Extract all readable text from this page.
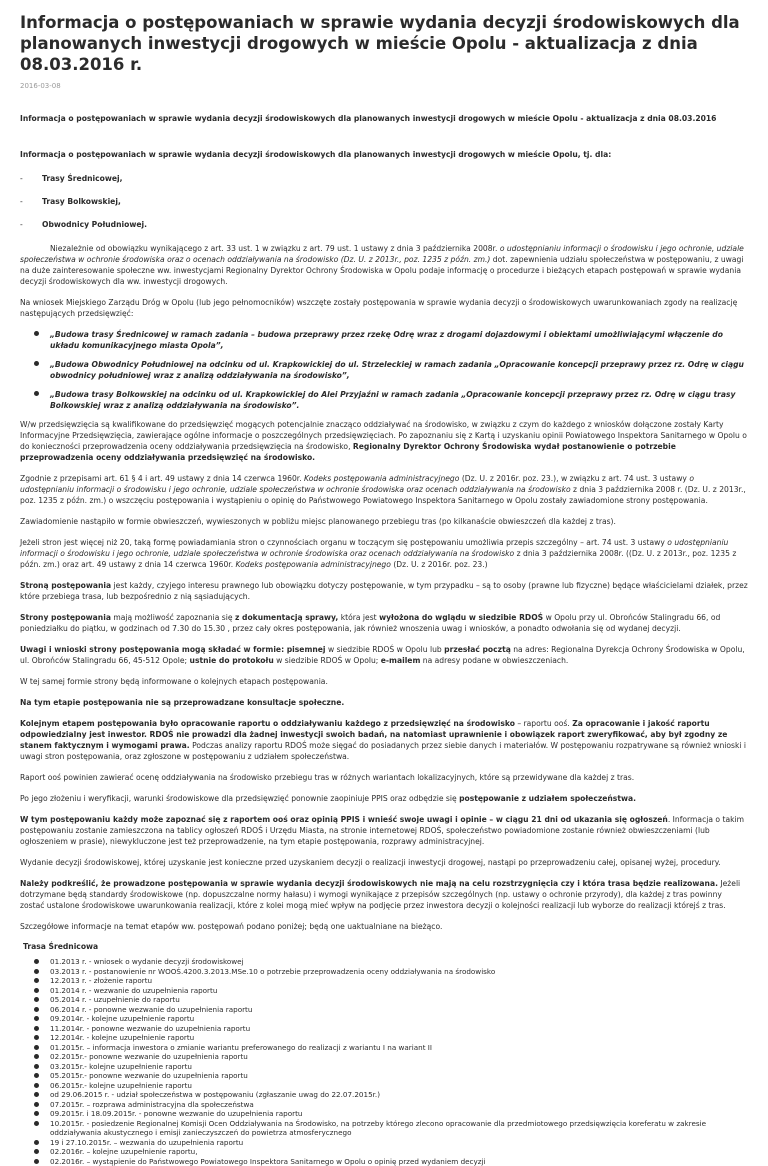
Informacja o postępowaniach w sprawie wydania decyzji środowiskowych dla planowanych inwestycji drogowych w mieście Opolu - aktualizacja z dnia 08.03.2016 r.
2016-03-08

Informacja o postępowaniach w sprawie wydania decyzji środowiskowych dla planowanych inwestycji drogowych w mieście Opolu - aktualizacja z dnia 08.03.2016

Informacja o postępowaniach w sprawie wydania decyzji środowiskowych dla planowanych inwestycji drogowych w mieście Opolu, tj. dla:

-	Trasy Średnicowej,
-	Trasy Bolkowskiej,
-	Obwodnicy Południowej.

Niezależnie od obowiązku wynikającego z art. 33 ust. 1 w związku z art. 79 ust. 1 ustawy z dnia 3 października 2008r. o udostępnianiu informacji o środowisku i jego ochronie, udziale społeczeństwa w ochronie środowiska oraz o ocenach oddziaływania na środowisko (Dz. U. z 2013r., poz. 1235 z późn. zm.) dot. zapewnienia udziału społeczeństwa w postępowaniu, z uwagi na duże zainteresowanie społeczne ww. inwestycjami Regionalny Dyrektor Ochrony Środowiska w Opolu podaje informację o procedurze i bieżących etapach postępowań w sprawie wydania decyzji środowiskowych dla ww. inwestycji drogowych.

Na wniosek Miejskiego Zarządu Dróg w Opolu (lub jego pełnomocników) wszczęte zostały postępowania w sprawie wydania decyzji o środowiskowych uwarunkowaniach zgody na realizację następujących przedsięwzięć:

„Budowa trasy Średnicowej w ramach zadania – budowa przeprawy przez rzekę Odrę wraz z drogami dojazdowymi i obiektami umożliwiającymi włączenie do układu komunikacyjnego miasta Opola”,
„Budowa Obwodnicy Południowej na odcinku od ul. Krapkowickiej do ul. Strzeleckiej w ramach zadania „Opracowanie koncepcji przeprawy przez rz. Odrę w ciągu obwodnicy południowej wraz z analizą oddziaływania na środowisko”,
„Budowa trasy Bolkowskiej na odcinku od ul. Krapkowickiej do Alei Przyjaźni w ramach zadania „Opracowanie koncepcji przeprawy przez rz. Odrę w ciągu trasy Bolkowskiej wraz z analizą oddziaływania na środowisko”.

W/w przedsięwzięcia są kwalifikowane do przedsięwzięć mogących potencjalnie znacząco oddziaływać na środowisko, w związku z czym do każdego z wniosków dołączone zostały Karty Informacyjne Przedsięwzięcia, zawierające ogólne informacje o poszczególnych przedsięwzięciach. Po zapoznaniu się z Kartą i uzyskaniu opinii Powiatowego Inspektora Sanitarnego w Opolu o do konieczności przeprowadzenia oceny oddziaływania przedsięwzięcia na środowisko, Regionalny Dyrektor Ochrony Środowiska wydał postanowienie o potrzebie przeprowadzenia oceny oddziaływania przedsięwzięć na środowisko.

Zgodnie z przepisami art. 61 § 4 i art. 49 ustawy z dnia 14 czerwca 1960r. Kodeks postępowania administracyjnego (Dz. U. z 2016r. poz. 23.), w związku z art. 74 ust. 3 ustawy o udostępnianiu informacji o środowisku i jego ochronie, udziale społeczeństwa w ochronie środowiska oraz ocenach oddziaływania na środowisko z dnia 3 października 2008 r. (Dz. U. z 2013r., poz. 1235 z późn. zm.) o wszczęciu postępowania i wystąpieniu o opinię do Państwowego Powiatowego Inspektora Sanitarnego w Opolu zostały zawiadomione strony postępowania.

Zawiadomienie nastąpiło w formie obwieszczeń, wywieszonych w pobliżu miejsc planowanego przebiegu tras (po kilkanaście obwieszczeń dla każdej z tras).

Jeżeli stron jest więcej niż 20, taką formę powiadamiania stron o czynnościach organu w toczącym się postępowaniu umożliwia przepis szczególny – art. 74 ust. 3 ustawy o udostępnianiu informacji o środowisku i jego ochronie, udziale społeczeństwa w ochronie środowiska oraz ocenach oddziaływania na środowisko z dnia 3 października 2008r. ((Dz. U. z 2013r., poz. 1235 z późn. zm.) oraz art. 49 ustawy z dnia 14 czerwca 1960r. Kodeks postępowania administracyjnego (Dz. U. z 2016r. poz. 23.)

Stroną postępowania jest każdy, czyjego interesu prawnego lub obowiązku dotyczy postępowanie, w tym przypadku – są to osoby (prawne lub fizyczne) będące właścicielami działek, przez które przebiega trasa, lub bezpośrednio z nią sąsiadujących.

Strony postępowania mają możliwość zapoznania się z dokumentacją sprawy, która jest wyłożona do wglądu w siedzibie RDOŚ w Opolu przy ul. Obrońców Stalingradu 66, od poniedziałku do piątku, w godzinach od 7.30 do 15.30 , przez cały okres postępowania, jak również wnoszenia uwag i wniosków, a ponadto odwołania się od wydanej decyzji.

Uwagi i wnioski strony postępowania mogą składać w formie: pisemnej w siedzibie RDOŚ w Opolu lub przesłać pocztą na adres: Regionalna Dyrekcja Ochrony Środowiska w Opolu, ul. Obrońców Stalingradu 66, 45-512 Opole; ustnie do protokołu w siedzibie RDOŚ w Opolu; e-mailem na adresy podane w obwieszczeniach.

W tej samej formie strony będą informowane o kolejnych etapach postępowania.

Na tym etapie postępowania nie są przeprowadzane konsultacje społeczne.

Kolejnym etapem postępowania było opracowanie raportu o oddziaływaniu każdego z przedsięwzięć na środowisko – raportu ooś. Za opracowanie i jakość raportu odpowiedzialny jest inwestor. RDOŚ nie prowadzi dla żadnej inwestycji swoich badań, na natomiast uprawnienie i obowiązek raport zweryfikować, aby był zgodny ze stanem faktycznym i wymogami prawa. Podczas analizy raportu RDOŚ może sięgać do posiadanych przez siebie danych i materiałów. W postępowaniu rozpatrywane są również wnioski i uwagi stron postępowania, oraz zgłoszone w postępowaniu z udziałem społeczeństwa.

Raport ooś powinien zawierać ocenę oddziaływania na środowisko przebiegu tras w różnych wariantach lokalizacyjnych, które są przewidywane dla każdej z tras.

Po jego złożeniu i weryfikacji, warunki środowiskowe dla przedsięwzięć ponownie zaopiniuje PPIS oraz odbędzie się postępowanie z udziałem społeczeństwa.

W tym postępowaniu każdy może zapoznać się z raportem ooś oraz opinią PPIS i wnieść swoje uwagi i opinie – w ciągu 21 dni od ukazania się ogłoszeń. Informacja o takim postępowaniu zostanie zamieszczona na tablicy ogłoszeń RDOŚ i Urzędu Miasta, na stronie internetowej RDOŚ, społeczeństwo powiadomione zostanie również obwieszczeniami (lub ogłoszeniem w prasie), niewykluczone jest też przeprowadzenie, na tym etapie postępowania, rozprawy administracyjnej.

Wydanie decyzji środowiskowej, której uzyskanie jest konieczne przed uzyskaniem decyzji o realizacji inwestycji drogowej, nastąpi po przeprowadzeniu całej, opisanej wyżej, procedury.

Należy podkreślić, że prowadzone postępowania w sprawie wydania decyzji środowiskowych nie mają na celu rozstrzygnięcia czy i która trasa będzie realizowana. Jeżeli dotrzymane będą standardy środowiskowe (np. dopuszczalne normy hałasu) i wymogi wynikające z przepisów szczególnych (np. ustawy o ochronie przyrody), dla każdej z tras powinny zostać ustalone środowiskowe uwarunkowania realizacji, które z kolei mogą mieć wpływ na podjęcie przez inwestora decyzji o kolejności realizacji lub wyborze do realizacji którejś z tras.

Szczegółowe informacje na temat etapów ww. postępowań podano poniżej; będą one uaktualniane na bieżąco.

Trasa Średnicowa
01.2013 r. - wniosek o wydanie decyzji środowiskowej
03.2013 r. - postanowienie nr WOOŚ.4200.3.2013.MSe.10 o potrzebie przeprowadzenia oceny oddziaływania na środowisko
12.2013 r. - złożenie raportu
01.2014 r. - wezwanie do uzupełnienia raportu
05.2014 r. - uzupełnienie do raportu
06.2014 r. - ponowne wezwanie do uzupełnienia raportu
09.2014r. - kolejne uzupełnienie raportu
11.2014r. - ponowne wezwanie do uzupełnienia raportu
12.2014r. - kolejne uzupełnienie raportu
01.2015r. – informacja inwestora o zmianie wariantu preferowanego do realizacji z wariantu I na wariant II
02.2015r.- ponowne wezwanie do uzupełnienia raportu
03.2015r.- kolejne uzupełnienie raportu
05.2015r.- ponowne wezwanie do uzupełnienia raportu
06.2015r.- kolejne uzupełnienie raportu
od 29.06.2015 r. - udział społeczeństwa w postępowaniu (zgłaszanie uwag do 22.07.2015r.)
07.2015r. – rozprawa administracyjna dla społeczeństwa
09.2015r. i 18.09.2015r. - ponowne wezwanie do uzupełnienia raportu
10.2015r. - posiedzenie Regionalnej Komisji Ocen Oddziaływania na Środowisko, na potrzeby którego zlecono opracowanie dla przedmiotowego przedsięwzięcia koreferatu w zakresie oddziaływania akustycznego i emisji zanieczyszczeń do powietrza atmosferycznego
19 i 27.10.2015r. – wezwania do uzupełnienia raportu
02.2016r. – kolejne uzupełnienie raportu,
02.2016r. – wystąpienie do Państwowego Powiatowego Inspektora Sanitarnego w Opolu o opinię przed wydaniem decyzji
